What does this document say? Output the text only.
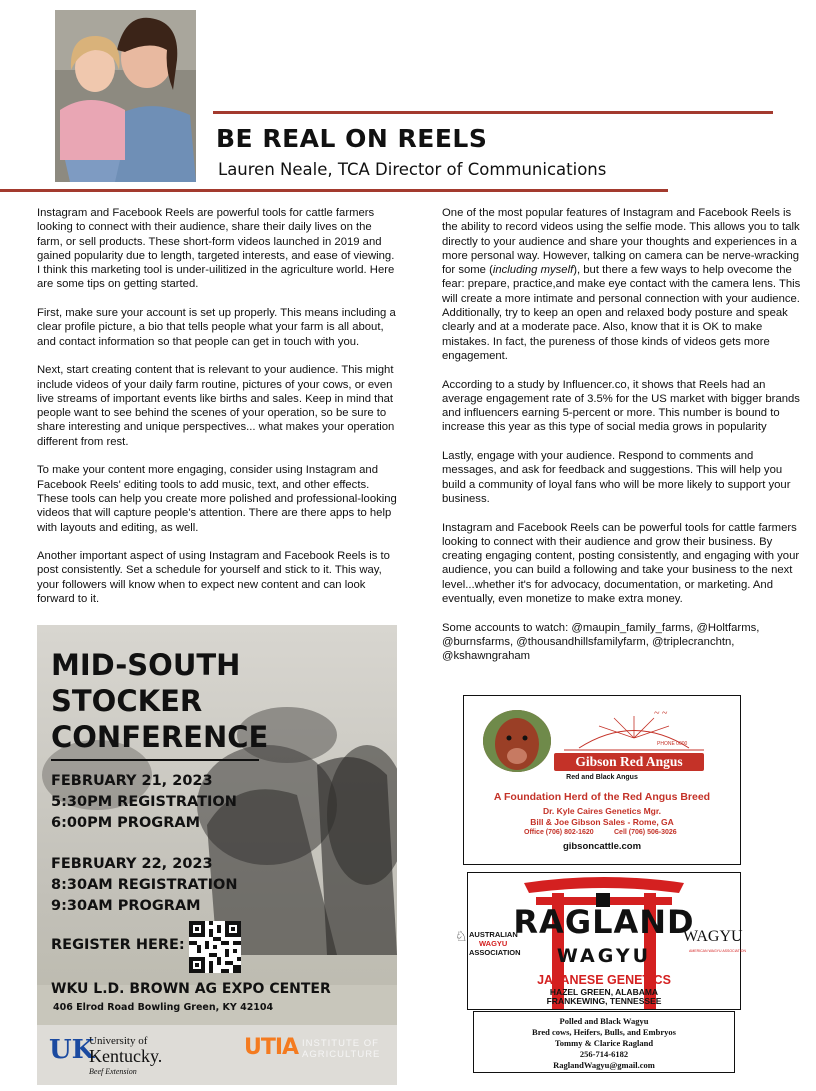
BE REAL ON REELS
Lauren Neale, TCA Director of Communications

Instagram and Facebook Reels are powerful tools for cattle farmers looking to connect with their audience, share their daily lives on the farm, or sell products. These short-form videos launched in 2019 and gained popularity due to length, targeted interests, and ease of viewing. I think this marketing tool is under-uilitized in the agriculture world. Here are some tips on getting started.

First, make sure your account is set up properly. This means including a clear profile picture, a bio that tells people what your farm is all about, and contact information so that people can get in touch with you.

Next, start creating content that is relevant to your audience. This might include videos of your daily farm routine, pictures of your cows, or even live streams of important events like births and sales. Keep in mind that people want to see behind the scenes of your operation, so be sure to share interesting and unique perspectives... what makes your operation different from rest.

To make your content more engaging, consider using Instagram and Facebook Reels' editing tools to add music, text, and other effects. These tools can help you create more polished and professional-looking videos that will capture people's attention. There are there apps to help with layouts and editing, as well.

Another important aspect of using Instagram and Facebook Reels is to post consistently. Set a schedule for yourself and stick to it. This way, your followers will know when to expect new content and can look forward to it.

One of the most popular features of Instagram and Facebook Reels is the ability to record videos using the selfie mode. This allows you to talk directly to your audience and share your thoughts and experiences in a more personal way. However, talking on camera can be nerve-wracking for some (including myself), but there a few ways to help ovecome the fear: prepare, practice,and make eye contact with the camera lens. This will create a more intimate and personal connection with your audience. Additionally, try to keep an open and relaxed body posture and speak clearly and at a moderate pace. Also, know that it is OK to make mistakes. In fact, the pureness of those kinds of videos gets more engagement.

According to a study by Influencer.co, it shows that Reels had an average engagement rate of 3.5% for the US market with bigger brands and influencers earning 5-percent or more. This number is bound to increase this year as this type of social media grows in popularity

Lastly, engage with your audience. Respond to comments and messages, and ask for feedback and suggestions. This will help you build a community of loyal fans who will be more likely to support your business.

Instagram and Facebook Reels can be powerful tools for cattle farmers looking to connect with their audience and grow their business. By creating engaging content, posting consistently, and engaging with your audience, you can build a following and take your business to the next level...whether it's for advocacy, documentation, or marketing. And eventually, even monetize to make extra money.

Some accounts to watch: @maupin_family_farms, @Holtfarms, @burnsfarms, @thousandhillsfamilyfarm, @triplecranchtn, @kshawngraham

MID-SOUTH
STOCKER
CONFERENCE
FEBRUARY 21, 2023
5:30PM REGISTRATION
6:00PM PROGRAM
FEBRUARY 22, 2023
8:30AM REGISTRATION
9:30AM PROGRAM
REGISTER HERE:
WKU L.D. BROWN AG EXPO CENTER
406 Elrod Road Bowling Green, KY 42104
UK
University of
Kentucky.
Beef Extension
UTIA INSTITUTE OF
AGRICULTURE
~ ~
PHONE 0000
Gibson Red Angus
Red and Black Angus
A Foundation Herd of the Red Angus Breed
Dr. Kyle Caires Genetics Mgr.
Bill & Joe Gibson Sales - Rome, GA
Office (706) 802-1620	Cell (706) 506-3026
gibsoncattle.com
RAGLAND
WAGYU
JAPANESE GENETICS
HAZEL GREEN, ALABAMA
FRANKEWING, TENNESSEE
♘ AUSTRALIAN
WAGYU
ASSOCIATION
WAGYU
AMERICAN WAGYU ASSOCIATION
Polled and Black Wagyu
Bred cows, Heifers, Bulls, and Embryos
Tommy & Clarice Ragland
256-714-6182
RaglandWagyu@gmail.com
